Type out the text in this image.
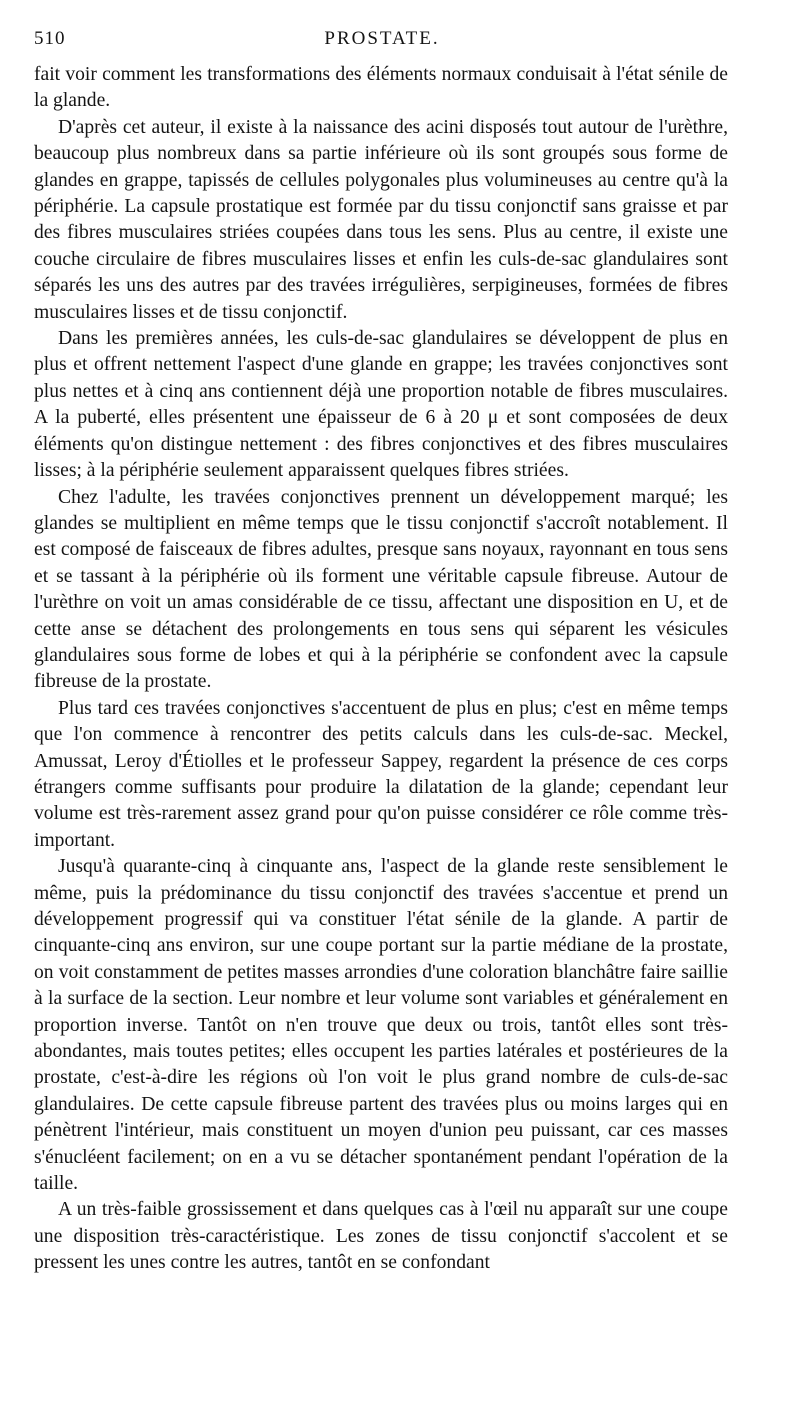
510	PROSTATE.

fait voir comment les transformations des éléments normaux conduisait à l'état sénile de la glande.

D'après cet auteur, il existe à la naissance des acini disposés tout autour de l'urèthre, beaucoup plus nombreux dans sa partie inférieure où ils sont groupés sous forme de glandes en grappe, tapissés de cellules polygonales plus volumineuses au centre qu'à la périphérie. La capsule prostatique est formée par du tissu conjonctif sans graisse et par des fibres musculaires striées coupées dans tous les sens. Plus au centre, il existe une couche circulaire de fibres musculaires lisses et enfin les culs-de-sac glandulaires sont séparés les uns des autres par des travées irrégulières, serpigineuses, formées de fibres musculaires lisses et de tissu conjonctif.

Dans les premières années, les culs-de-sac glandulaires se développent de plus en plus et offrent nettement l'aspect d'une glande en grappe; les travées conjonctives sont plus nettes et à cinq ans contiennent déjà une proportion notable de fibres musculaires. A la puberté, elles présentent une épaisseur de 6 à 20 μ et sont composées de deux éléments qu'on distingue nettement : des fibres conjonctives et des fibres musculaires lisses; à la périphérie seulement apparaissent quelques fibres striées.

Chez l'adulte, les travées conjonctives prennent un développement marqué; les glandes se multiplient en même temps que le tissu conjonctif s'accroît notablement. Il est composé de faisceaux de fibres adultes, presque sans noyaux, rayonnant en tous sens et se tassant à la périphérie où ils forment une véritable capsule fibreuse. Autour de l'urèthre on voit un amas considérable de ce tissu, affectant une disposition en U, et de cette anse se détachent des prolongements en tous sens qui séparent les vésicules glandulaires sous forme de lobes et qui à la périphérie se confondent avec la capsule fibreuse de la prostate.

Plus tard ces travées conjonctives s'accentuent de plus en plus; c'est en même temps que l'on commence à rencontrer des petits calculs dans les culs-de-sac. Meckel, Amussat, Leroy d'Étiolles et le professeur Sappey, regardent la présence de ces corps étrangers comme suffisants pour produire la dilatation de la glande; cependant leur volume est très-rarement assez grand pour qu'on puisse considérer ce rôle comme très-important.

Jusqu'à quarante-cinq à cinquante ans, l'aspect de la glande reste sensiblement le même, puis la prédominance du tissu conjonctif des travées s'accentue et prend un développement progressif qui va constituer l'état sénile de la glande. A partir de cinquante-cinq ans environ, sur une coupe portant sur la partie médiane de la prostate, on voit constamment de petites masses arrondies d'une coloration blanchâtre faire saillie à la surface de la section. Leur nombre et leur volume sont variables et généralement en proportion inverse. Tantôt on n'en trouve que deux ou trois, tantôt elles sont très-abondantes, mais toutes petites; elles occupent les parties latérales et postérieures de la prostate, c'est-à-dire les régions où l'on voit le plus grand nombre de culs-de-sac glandulaires. De cette capsule fibreuse partent des travées plus ou moins larges qui en pénètrent l'intérieur, mais constituent un moyen d'union peu puissant, car ces masses s'énucléent facilement; on en a vu se détacher spontanément pendant l'opération de la taille.

A un très-faible grossissement et dans quelques cas à l'œil nu apparaît sur une coupe une disposition très-caractéristique. Les zones de tissu conjonctif s'accolent et se pressent les unes contre les autres, tantôt en se confondant
